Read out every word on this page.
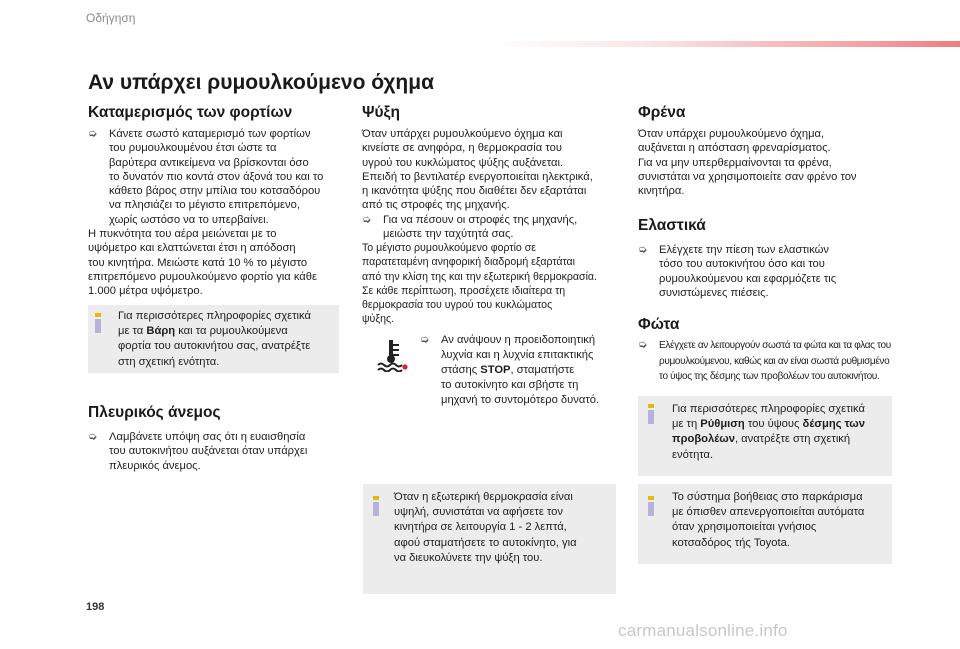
Οδήγηση
Αν υπάρχει ρυμουλκούμενο όχημα
Καταμερισμός των φορτίων
➭	Κάνετε σωστό καταμερισμό των φορτίων
του ρυμουλκουμένου έτσι ώστε τα
βαρύτερα αντικείμενα να βρίσκονται όσο
το δυνατόν πιο κοντά στον άξονά του και το
κάθετο βάρος στην μπίλια του κοτσαδόρου
να πλησιάζει το μέγιστο επιτρεπόμενο,
χωρίς ωστόσο να το υπερβαίνει.
Η πυκνότητα του αέρα μειώνεται με το
υψόμετρο και ελαττώνεται έτσι η απόδοση
του κινητήρα. Μειώστε κατά 10 % το μέγιστο
επιτρεπόμενο ρυμουλκούμενο φορτίο για κάθε
1.000 μέτρα υψόμετρο.
Για περισσότερες πληροφορίες σχετικά
με τα Βάρη και τα ρυμουλκούμενα
φορτία του αυτοκινήτου σας, ανατρέξτε
στη σχετική ενότητα.
Πλευρικός άνεμος
➭	Λαμβάνετε υπόψη σας ότι η ευαισθησία
του αυτοκινήτου αυξάνεται όταν υπάρχει
πλευρικός άνεμος.
Ψύξη
Όταν υπάρχει ρυμουλκούμενο όχημα και
κινείστε σε ανηφόρα, η θερμοκρασία του
υγρού του κυκλώματος ψύξης αυξάνεται.
Επειδή το βεντιλατέρ ενεργοποιείται ηλεκτρικά,
η ικανότητα ψύξης που διαθέτει δεν εξαρτάται
από τις στροφές της μηχανής.
➭	Για να πέσουν οι στροφές της μηχανής,
μειώστε την ταχύτητά σας.
Το μέγιστο ρυμουλκούμενο φορτίο σε
παρατεταμένη ανηφορική διαδρομή εξαρτάται
από την κλίση της και την εξωτερική θερμοκρασία.
Σε κάθε περίπτωση, προσέχετε ιδιαίτερα τη
θερμοκρασία του υγρού του κυκλώματος
ψύξης.
➭	Αν ανάψουν η προειδοποιητική
λυχνία και η λυχνία επιτακτικής
στάσης STOP, σταματήστε
το αυτοκίνητο και σβήστε τη
μηχανή το συντομότερο δυνατό.
Όταν η εξωτερική θερμοκρασία είναι
υψηλή, συνιστάται να αφήσετε τον
κινητήρα σε λειτουργία 1 - 2 λεπτά,
αφού σταματήσετε το αυτοκίνητο, για
να διευκολύνετε την ψύξη του.
Φρένα
Όταν υπάρχει ρυμουλκούμενο όχημα,
αυξάνεται η απόσταση φρεναρίσματος.
Για να μην υπερθερμαίνονται τα φρένα,
συνιστάται να χρησιμοποιείτε σαν φρένο τον
κινητήρα.
Ελαστικά
➭	Ελέγχετε την πίεση των ελαστικών
τόσο του αυτοκινήτου όσο και του
ρυμουλκούμενου και εφαρμόζετε τις
συνιστώμενες πιέσεις.
Φώτα
➭	Ελέγχετε αν λειτουργούν σωστά τα φώτα και τα φλας του
ρυμουλκούμενου, καθώς και αν είναι σωστά ρυθμισμένο
το ύψος της δέσμης των προβολέων του αυτοκινήτου.
Για περισσότερες πληροφορίες σχετικά
με τη Ρύθμιση του ύψους δέσμης των
προβολέων, ανατρέξτε στη σχετική
ενότητα.
Το σύστημα βοήθειας στο παρκάρισμα
με όπισθεν απενεργοποιείται αυτόματα
όταν χρησιμοποιείται γνήσιος
κοτσαδόρος τής Toyota.
198
carmanualsonline.info
